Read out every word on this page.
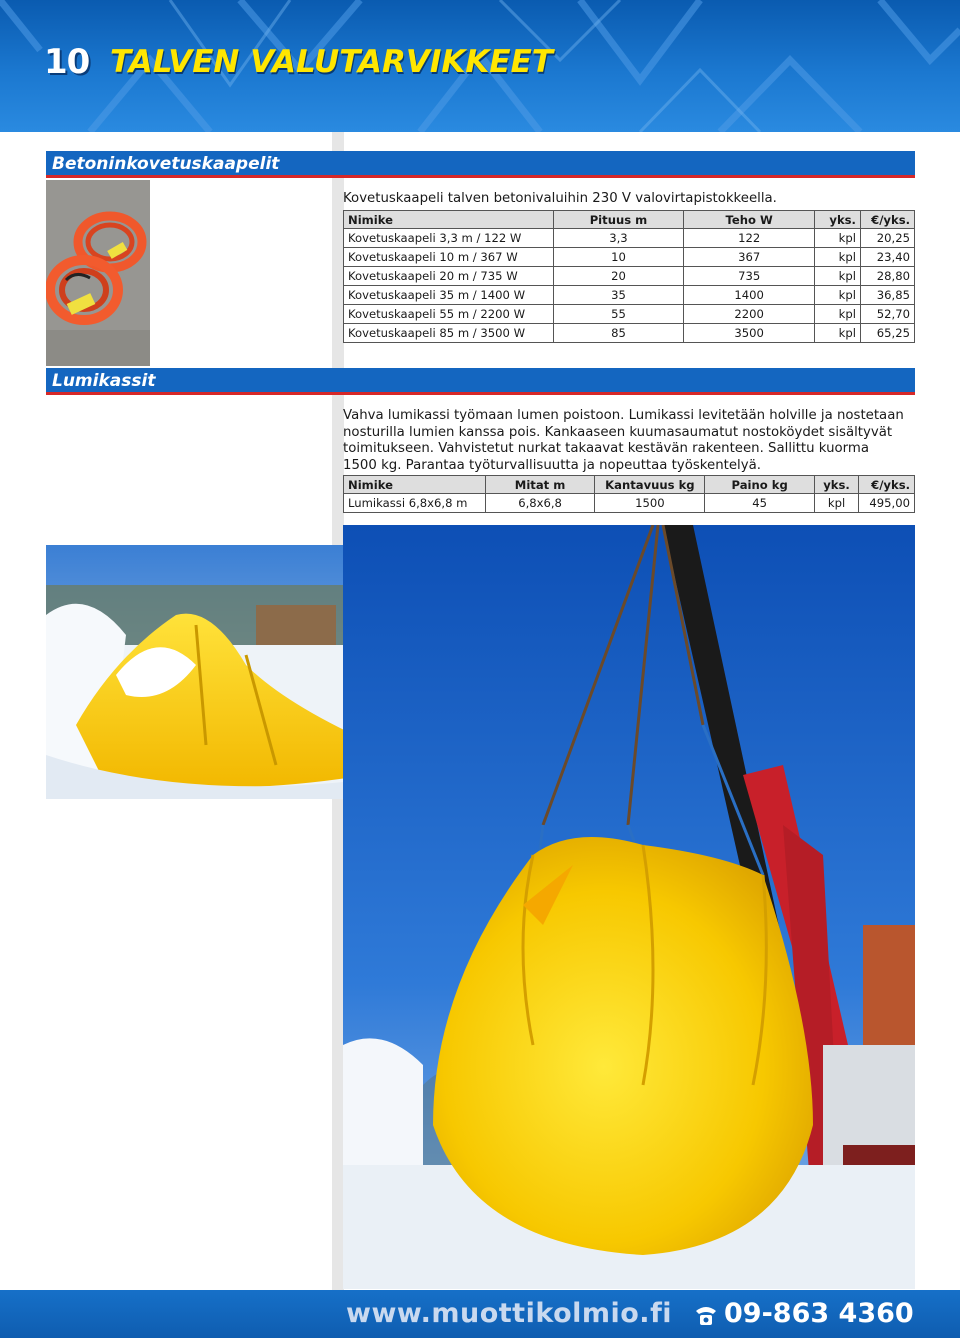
10 TALVEN VALUTARVIKKEET
Betoninkovetuskaapelit
Kovetuskaapeli talven betonivaluihin 230 V valovirtapistokkeella.
Nimike	Pituus m	Teho W	yks.	€/yks.
Kovetuskaapeli 3,3 m / 122 W	3,3	122	kpl	20,25
Kovetuskaapeli 10 m / 367 W	10	367	kpl	23,40
Kovetuskaapeli 20 m / 735 W	20	735	kpl	28,80
Kovetuskaapeli 35 m / 1400 W	35	1400	kpl	36,85
Kovetuskaapeli 55 m / 2200 W	55	2200	kpl	52,70
Kovetuskaapeli 85 m / 3500 W	85	3500	kpl	65,25
Lumikassit
Vahva lumikassi työmaan lumen poistoon. Lumikassi levitetään holville ja nostetaan
nosturilla lumien kanssa pois. Kankaaseen kuumasaumatut nostoköydet sisältyvät
toimitukseen. Vahvistetut nurkat takaavat kestävän rakenteen. Sallittu kuorma
1500 kg. Parantaa työturvallisuutta ja nopeuttaa työskentelyä.
Nimike	Mitat m	Kantavuus kg	Paino kg	yks.	€/yks.
Lumikassi 6,8x6,8 m	6,8x6,8	1500	45	kpl	495,00
www.muottikolmio.fi 09-863 4360
